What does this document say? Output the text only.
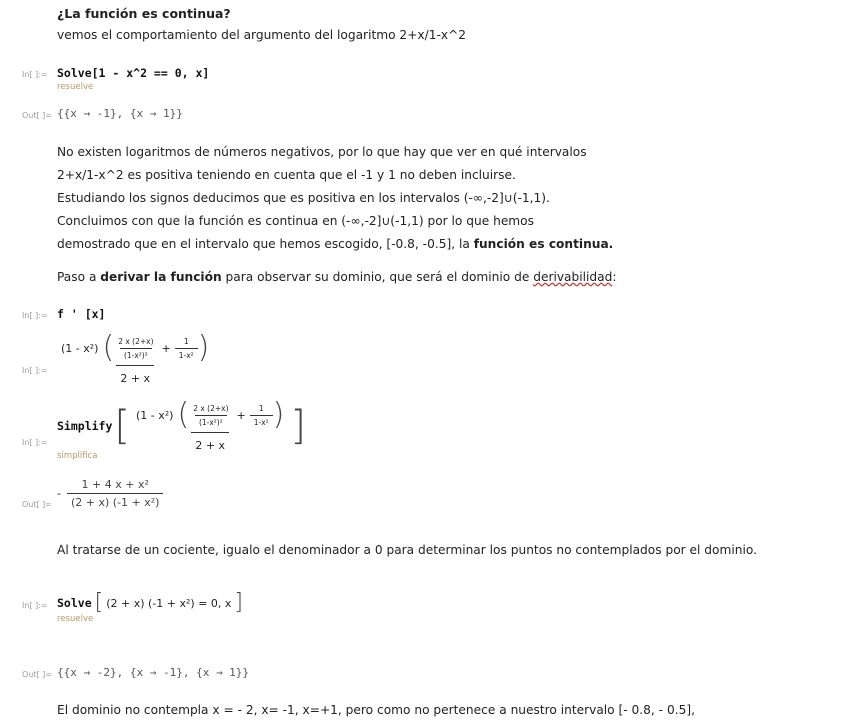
¿La función es continua?
vemos el comportamiento del argumento del logaritmo 2+x/1-x^2
In[ ]:= Solve[1 - x^2 == 0, x]
resuelve
Out[ ]= {{x → -1}, {x → 1}}
No existen logaritmos de números negativos, por lo que hay que ver en qué intervalos
2+x/1-x^2 es positiva teniendo en cuenta que el -1 y 1 no deben incluirse.
Estudiando los signos deducimos que es positiva en los intervalos (-∞,-2]∪(-1,1).
Concluimos con que la función es continua en (-∞,-2]∪(-1,1) por lo que hemos
demostrado que en el intervalo que hemos escogido, [-0.8, -0.5], la función es continua.
Paso a derivar la función para observar su dominio, que será el dominio de derivabilidad:
In[ ]:= f ' [x]
In[ ]:=
(1 - x²) ( $\frac{2 x (2+x)}{\text{(1-x²)²}} + \frac{1}{\text{1-x²}}$ )
2 + x
In[ ]:=
Simplify [ (1 - x²) ( $\frac{2 x (2+x)}{\text{(1-x²)²}} + \frac{1}{\text{1-x²}}$ )
2 + x ]
simplifica
Out[ ]=
- $\frac{\text{1 + 4 x + x²}}{\text{(2 + x) (-1 + x²)}}$
Al tratarse de un cociente, igualo el denominador a 0 para determinar los puntos no contemplados por el dominio.
In[ ]:= Solve [ (2 + x) (-1 + x²) = 0, x ]
resuelve
Out[ ]= {{x → -2}, {x → -1}, {x → 1}}
El dominio no contempla x = - 2, x= -1, x=+1, pero como no pertenece a nuestro intervalo [- 0.8, - 0.5],
